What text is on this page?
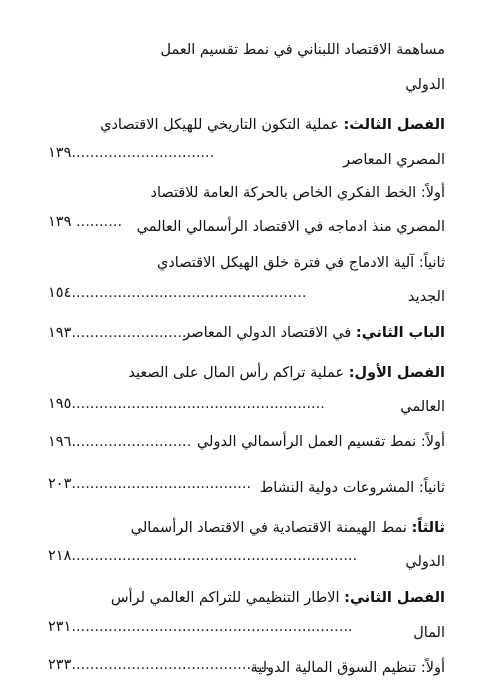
مساهمة الاقتصاد اللبناني في نمط تقسيم العمل
الدولي
الفصل الثالث: عملية التكون التاريخي للهيكل الاقتصادي
المصري المعاصر
١٣٩...............................
أولاً: الخط الفكري الخاص بالحركة العامة للاقتصاد
المصري منذ ادماجه في الاقتصاد الرأسمالي العالمي
١٣٩ ..........
ثانياً: آلية الادماج في فترة خلق الهيكل الاقتصادي
الجديد
١٥٤...................................................
الباب الثاني: في الاقتصاد الدولي المعاصر
١٩٣..........................
الفصل الأول: عملية تراكم رأس المال على الصعيد
العالمي
١٩٥.......................................................
أولاً: نمط تقسيم العمل الرأسمالي الدولي
١٩٦..........................
ثانياً: المشروعات دولية النشاط
٢٠٣.......................................
ثالثاً: نمط الهيمنة الاقتصادية في الاقتصاد الرأسمالي
الدولي
٢١٨..............................................................
الفصل الثاني: الاطار التنظيمي للتراكم العالمي لرأس
المال
٢٣١.............................................................
أولاً: تنظيم السوق المالية الدولية
٢٣٣...........................................
